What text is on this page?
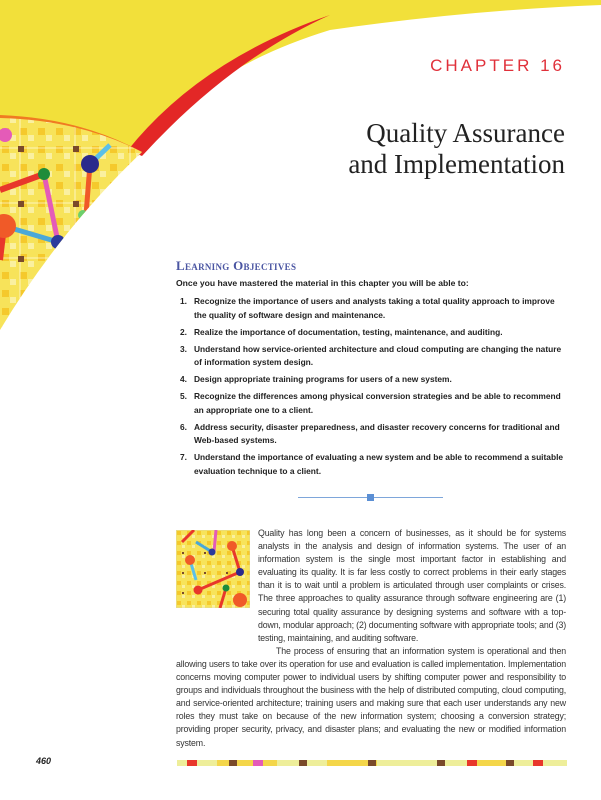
CHAPTER 16
Quality Assurance
and Implementation
Learning Objectives
Once you have mastered the material in this chapter you will be able to:
1. Recognize the importance of users and analysts taking a total quality approach to improve the quality of software design and maintenance.
2. Realize the importance of documentation, testing, maintenance, and auditing.
3. Understand how service-oriented architecture and cloud computing are changing the nature of information system design.
4. Design appropriate training programs for users of a new system.
5. Recognize the differences among physical conversion strategies and be able to recommend an appropriate one to a client.
6. Address security, disaster preparedness, and disaster recovery concerns for traditional and Web-based systems.
7. Understand the importance of evaluating a new system and be able to recommend a suitable evaluation technique to a client.

Quality has long been a concern of businesses, as it should be for systems analysts in the analysis and design of information systems. The user of an information system is the single most important factor in establishing and evaluating its quality. It is far less costly to correct problems in their early stages than it is to wait until a problem is articulated through user complaints or crises. The three approaches to quality assurance through software engineering are (1) securing total quality assurance by designing systems and software with a top-down, modular approach; (2) documenting software with appropriate tools; and (3) testing, maintaining, and auditing software.

The process of ensuring that an information system is operational and then allowing users to take over its operation for use and evaluation is called implementation. Implementation concerns moving computer power to individual users by shifting computer power and responsibility to groups and individuals throughout the business with the help of distributed computing, cloud computing, and service-oriented architecture; training users and making sure that each user understands any new roles they must take on because of the new information system; choosing a conversion strategy; providing proper security, privacy, and disaster plans; and evaluating the new or modified information system.

460
